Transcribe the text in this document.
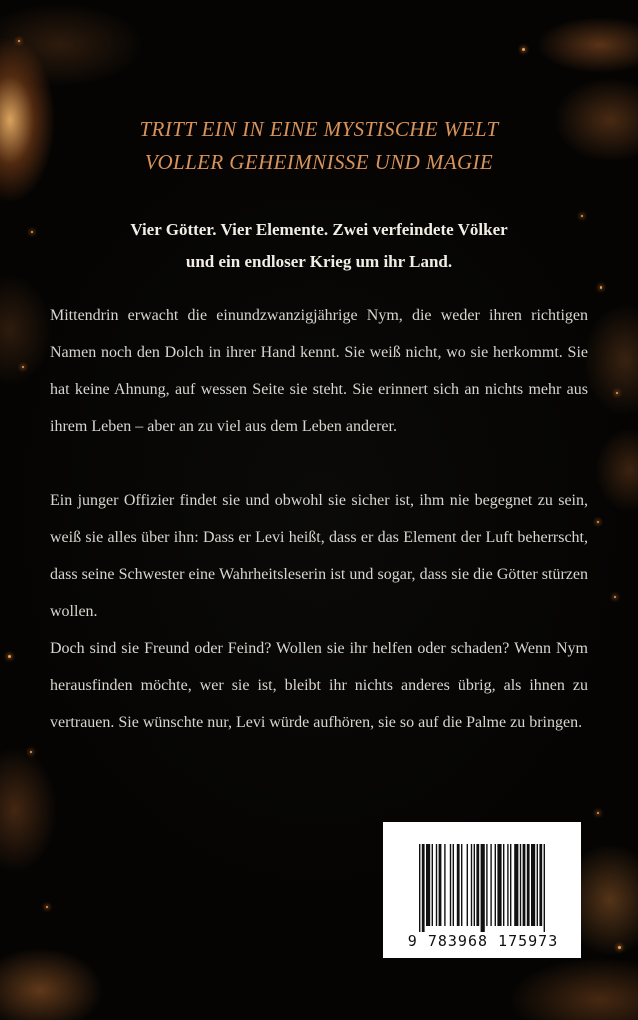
TRITT EIN IN EINE MYSTISCHE WELT

VOLLER GEHEIMNISSE UND MAGIE

Vier Götter. Vier Elemente. Zwei verfeindete Völker

und ein endloser Krieg um ihr Land.

Mittendrin erwacht die einundzwanzigjährige Nym, die weder ihren richtigen Namen noch den Dolch in ihrer Hand kennt. Sie weiß nicht, wo sie herkommt. Sie hat keine Ahnung, auf wessen Seite sie steht. Sie erinnert sich an nichts mehr aus ihrem Leben – aber an zu viel aus dem Leben anderer.

Ein junger Offizier findet sie und obwohl sie sicher ist, ihm nie begegnet zu sein, weiß sie alles über ihn: Dass er Levi heißt, dass er das Element der Luft beherrscht, dass seine Schwester eine Wahrheitsleserin ist und sogar, dass sie die Götter stürzen wollen.

Doch sind sie Freund oder Feind? Wollen sie ihr helfen oder schaden? Wenn Nym herausfinden möchte, wer sie ist, bleibt ihr nichts anderes übrig, als ihnen zu vertrauen. Sie wünschte nur, Levi würde aufhören, sie so auf die Palme zu bringen.

9 783968 175973
